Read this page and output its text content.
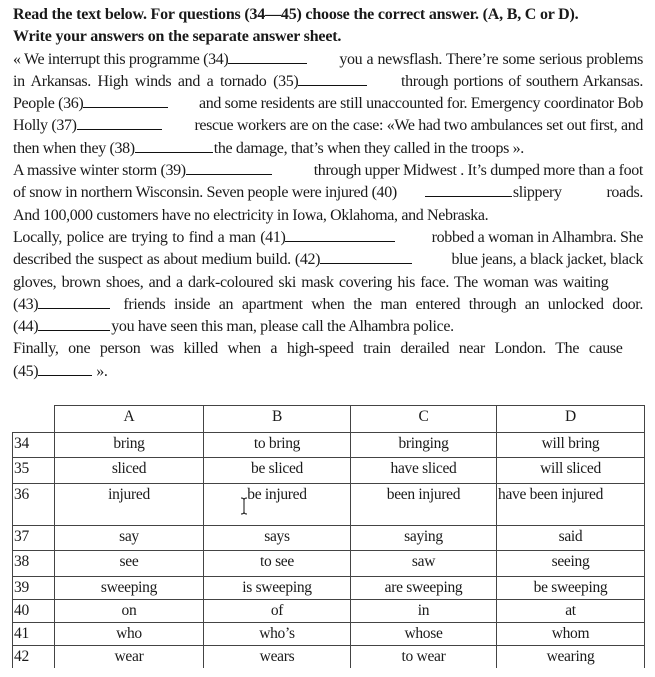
Read the text below. For questions (34—45) choose the correct answer. (A, B, C or D).
Write your answers on the separate answer sheet.
« We interrupt this programme (34)	you a newsflash. There’re some serious problems
in Arkansas. High winds and a tornado (35)	through portions of southern Arkansas.
People (36)	and some residents are still unaccounted for. Emergency coordinator Bob
Holly (37)	rescue workers are on the case: «We had two ambulances set out first, and
then when they (38)	the damage, that’s when they called in the troops ».
A massive winter storm (39)	through upper Midwest . It’s dumped more than a foot
of snow in northern Wisconsin. Seven people were injured (40)	slippery	roads.
And 100,000 customers have no electricity in Iowa, Oklahoma, and Nebraska.
Locally, police are trying to find a man (41)	robbed a woman in Alhambra. She
described the suspect as about medium build. (42)	blue jeans, a black jacket, black
gloves, brown shoes, and a dark-coloured ski mask covering his face. The woman was waiting
(43)	friends inside an apartment when the man entered through an unlocked door.
(44)	you have seen this man, please call the Alhambra police.
Finally, one person was killed when a high-speed train derailed near London. The cause
(45)	».
	A	B	C	D
34	bring	to bring	bringing	will bring
35	sliced	be sliced	have sliced	will sliced
36	injured	be injured	been injured	have been injured
37	say	says	saying	said
38	see	to see	saw	seeing
39	sweeping	is sweeping	are sweeping	be sweeping
40	on	of	in	at
41	who	who’s	whose	whom
42	wear	wears	to wear	wearing
